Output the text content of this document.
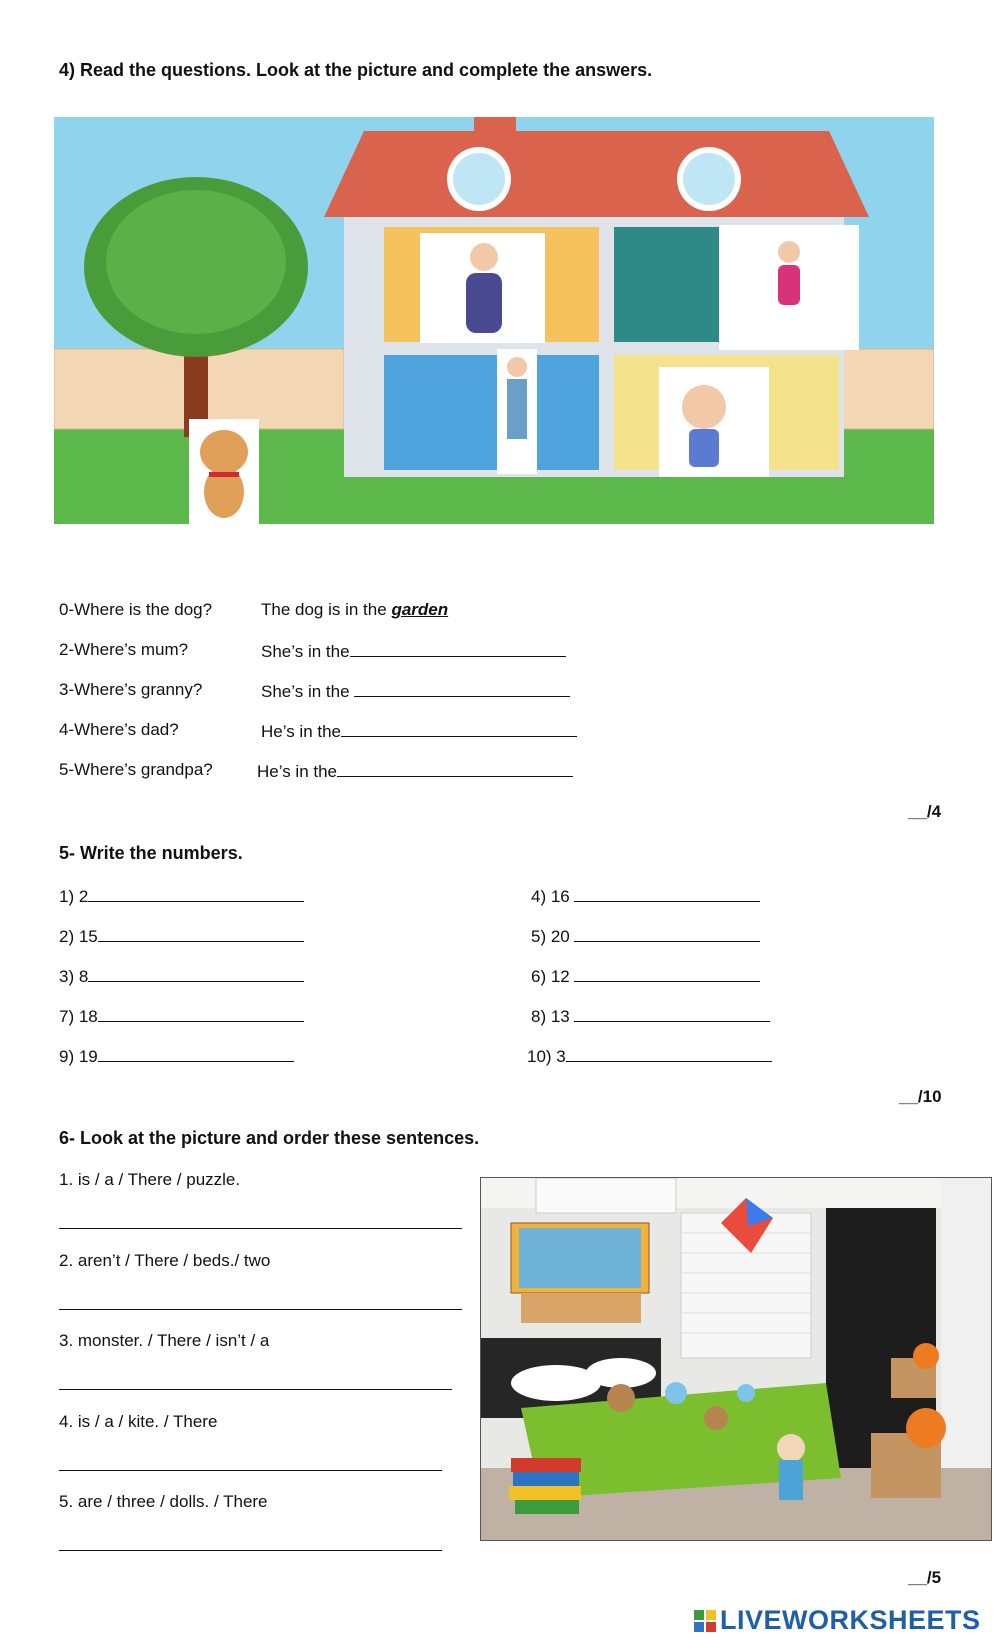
4) Read the questions. Look at the picture and complete the answers.
0-Where is the dog?	The dog is in the garden
2-Where’s mum?	She’s in the
3-Where’s granny?	She’s in the
4-Where’s dad?	He’s in the
5-Where’s grandpa?	He’s in the
__/4
5- Write the numbers.
1) 2	4) 16
2) 15	5) 20
3) 8	6) 12
7) 18	8) 13
9) 19	10) 3
__/10
6- Look at the picture and order these sentences.
1. is / a / There / puzzle.
2. aren’t / There / beds./ two
3. monster. / There / isn’t / a
4. is / a / kite. / There
5. are / three / dolls. / There
__/5
LIVEWORKSHEETS
